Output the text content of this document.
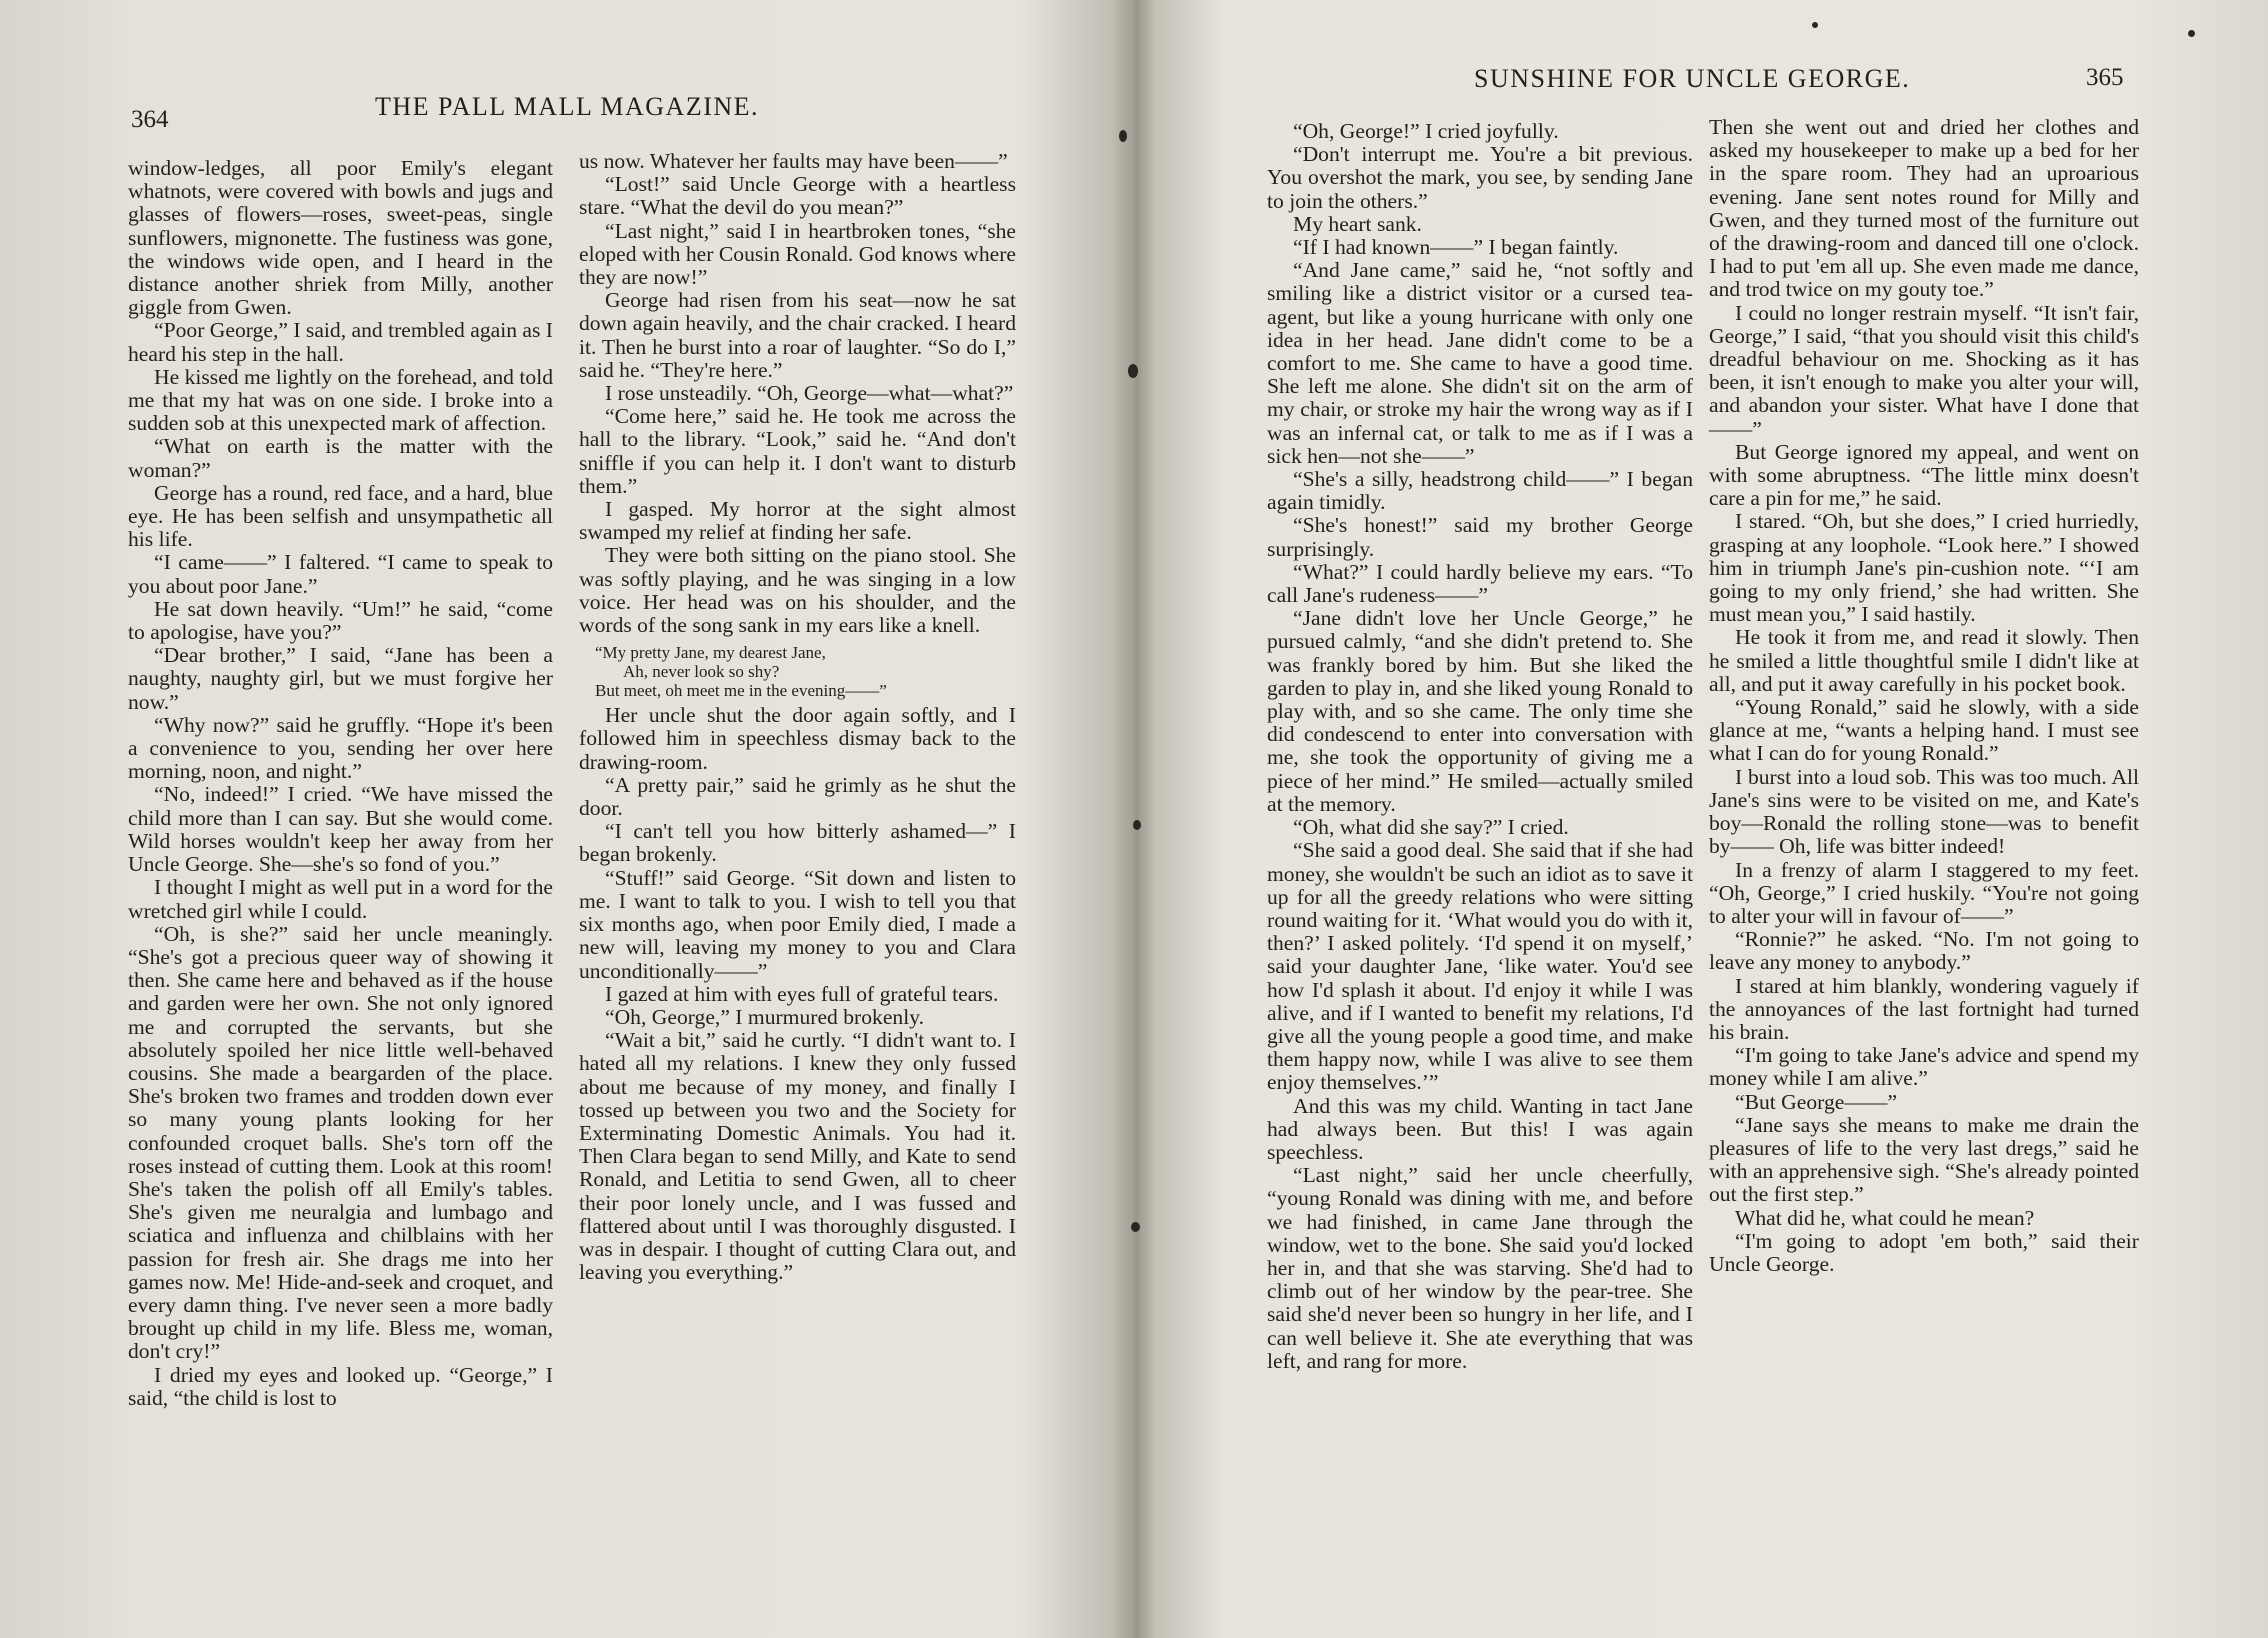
364	THE PALL MALL MAGAZINE.

window-ledges, all poor Emily's elegant whatnots, were covered with bowls and jugs and glasses of flowers—roses, sweet-peas, single sunflowers, mignonette. The fustiness was gone, the windows wide open, and I heard in the distance another shriek from Milly, another giggle from Gwen.

“Poor George,” I said, and trembled again as I heard his step in the hall.

He kissed me lightly on the forehead, and told me that my hat was on one side. I broke into a sudden sob at this unexpected mark of affection.

“What on earth is the matter with the woman?”

George has a round, red face, and a hard, blue eye. He has been selfish and unsympathetic all his life.

“I came——” I faltered. “I came to speak to you about poor Jane.”

He sat down heavily. “Um!” he said, “come to apologise, have you?”

“Dear brother,” I said, “Jane has been a naughty, naughty girl, but we must forgive her now.”

“Why now?” said he gruffly. “Hope it's been a convenience to you, sending her over here morning, noon, and night.”

“No, indeed!” I cried. “We have missed the child more than I can say. But she would come. Wild horses wouldn't keep her away from her Uncle George. She—she's so fond of you.”

I thought I might as well put in a word for the wretched girl while I could.

“Oh, is she?” said her uncle meaningly. “She's got a precious queer way of showing it then. She came here and behaved as if the house and garden were her own. She not only ignored me and corrupted the servants, but she absolutely spoiled her nice little well-behaved cousins. She made a beargarden of the place. She's broken two frames and trodden down ever so many young plants looking for her confounded croquet balls. She's torn off the roses instead of cutting them. Look at this room! She's taken the polish off all Emily's tables. She's given me neuralgia and lumbago and sciatica and influenza and chilblains with her passion for fresh air. She drags me into her games now. Me! Hide-and-seek and croquet, and every damn thing. I've never seen a more badly brought up child in my life. Bless me, woman, don't cry!”

I dried my eyes and looked up. “George,” I said, “the child is lost to

us now. Whatever her faults may have been——”

“Lost!” said Uncle George with a heartless stare. “What the devil do you mean?”

“Last night,” said I in heartbroken tones, “she eloped with her Cousin Ronald. God knows where they are now!”

George had risen from his seat—now he sat down again heavily, and the chair cracked. I heard it. Then he burst into a roar of laughter. “So do I,” said he. “They're here.”

I rose unsteadily. “Oh, George—what—what?”

“Come here,” said he. He took me across the hall to the library. “Look,” said he. “And don't sniffle if you can help it. I don't want to disturb them.”

I gasped. My horror at the sight almost swamped my relief at finding her safe.

They were both sitting on the piano stool. She was softly playing, and he was singing in a low voice. Her head was on his shoulder, and the words of the song sank in my ears like a knell.

“My pretty Jane, my dearest Jane,
Ah, never look so shy?
But meet, oh meet me in the evening——”

Her uncle shut the door again softly, and I followed him in speechless dismay back to the drawing-room.

“A pretty pair,” said he grimly as he shut the door.

“I can't tell you how bitterly ashamed—” I began brokenly.

“Stuff!” said George. “Sit down and listen to me. I want to talk to you. I wish to tell you that six months ago, when poor Emily died, I made a new will, leaving my money to you and Clara unconditionally——”

I gazed at him with eyes full of grateful tears.

“Oh, George,” I murmured brokenly.

“Wait a bit,” said he curtly. “I didn't want to. I hated all my relations. I knew they only fussed about me because of my money, and finally I tossed up between you two and the Society for Exterminating Domestic Animals. You had it. Then Clara began to send Milly, and Kate to send Ronald, and Letitia to send Gwen, all to cheer their poor lonely uncle, and I was fussed and flattered about until I was thoroughly disgusted. I was in despair. I thought of cutting Clara out, and leaving you everything.”

SUNSHINE FOR UNCLE GEORGE.	365

“Oh, George!” I cried joyfully.

“Don't interrupt me. You're a bit previous. You overshot the mark, you see, by sending Jane to join the others.”

My heart sank.

“If I had known——” I began faintly.

“And Jane came,” said he, “not softly and smiling like a district visitor or a cursed tea-agent, but like a young hurricane with only one idea in her head. Jane didn't come to be a comfort to me. She came to have a good time. She left me alone. She didn't sit on the arm of my chair, or stroke my hair the wrong way as if I was an infernal cat, or talk to me as if I was a sick hen—not she——”

“She's a silly, headstrong child——” I began again timidly.

“She's honest!” said my brother George surprisingly.

“What?” I could hardly believe my ears. “To call Jane's rudeness——”

“Jane didn't love her Uncle George,” he pursued calmly, “and she didn't pretend to. She was frankly bored by him. But she liked the garden to play in, and she liked young Ronald to play with, and so she came. The only time she did condescend to enter into conversation with me, she took the opportunity of giving me a piece of her mind.” He smiled—actually smiled at the memory.

“Oh, what did she say?” I cried.

“She said a good deal. She said that if she had money, she wouldn't be such an idiot as to save it up for all the greedy relations who were sitting round waiting for it. ‘What would you do with it, then?’ I asked politely. ‘I'd spend it on myself,’ said your daughter Jane, ‘like water. You'd see how I'd splash it about. I'd enjoy it while I was alive, and if I wanted to benefit my relations, I'd give all the young people a good time, and make them happy now, while I was alive to see them enjoy themselves.’”

And this was my child. Wanting in tact Jane had always been. But this! I was again speechless.

“Last night,” said her uncle cheerfully, “young Ronald was dining with me, and before we had finished, in came Jane through the window, wet to the bone. She said you'd locked her in, and that she was starving. She'd had to climb out of her window by the pear-tree. She said she'd never been so hungry in her life, and I can well believe it. She ate everything that was left, and rang for more.

Then she went out and dried her clothes and asked my housekeeper to make up a bed for her in the spare room. They had an uproarious evening. Jane sent notes round for Milly and Gwen, and they turned most of the furniture out of the drawing-room and danced till one o'clock. I had to put 'em all up. She even made me dance, and trod twice on my gouty toe.”

I could no longer restrain myself. “It isn't fair, George,” I said, “that you should visit this child's dreadful behaviour on me. Shocking as it has been, it isn't enough to make you alter your will, and abandon your sister. What have I done that——”

But George ignored my appeal, and went on with some abruptness. “The little minx doesn't care a pin for me,” he said.

I stared. “Oh, but she does,” I cried hurriedly, grasping at any loophole. “Look here.” I showed him in triumph Jane's pin-cushion note. “‘I am going to my only friend,’ she had written. She must mean you,” I said hastily.

He took it from me, and read it slowly. Then he smiled a little thoughtful smile I didn't like at all, and put it away carefully in his pocket book.

“Young Ronald,” said he slowly, with a side glance at me, “wants a helping hand. I must see what I can do for young Ronald.”

I burst into a loud sob. This was too much. All Jane's sins were to be visited on me, and Kate's boy—Ronald the rolling stone—was to benefit by—— Oh, life was bitter indeed!

In a frenzy of alarm I staggered to my feet. “Oh, George,” I cried huskily. “You're not going to alter your will in favour of——”

“Ronnie?” he asked. “No. I'm not going to leave any money to anybody.”

I stared at him blankly, wondering vaguely if the annoyances of the last fortnight had turned his brain.

“I'm going to take Jane's advice and spend my money while I am alive.”

“But George——”

“Jane says she means to make me drain the pleasures of life to the very last dregs,” said he with an apprehensive sigh. “She's already pointed out the first step.”

What did he, what could he mean?

“I'm going to adopt 'em both,” said their Uncle George.
